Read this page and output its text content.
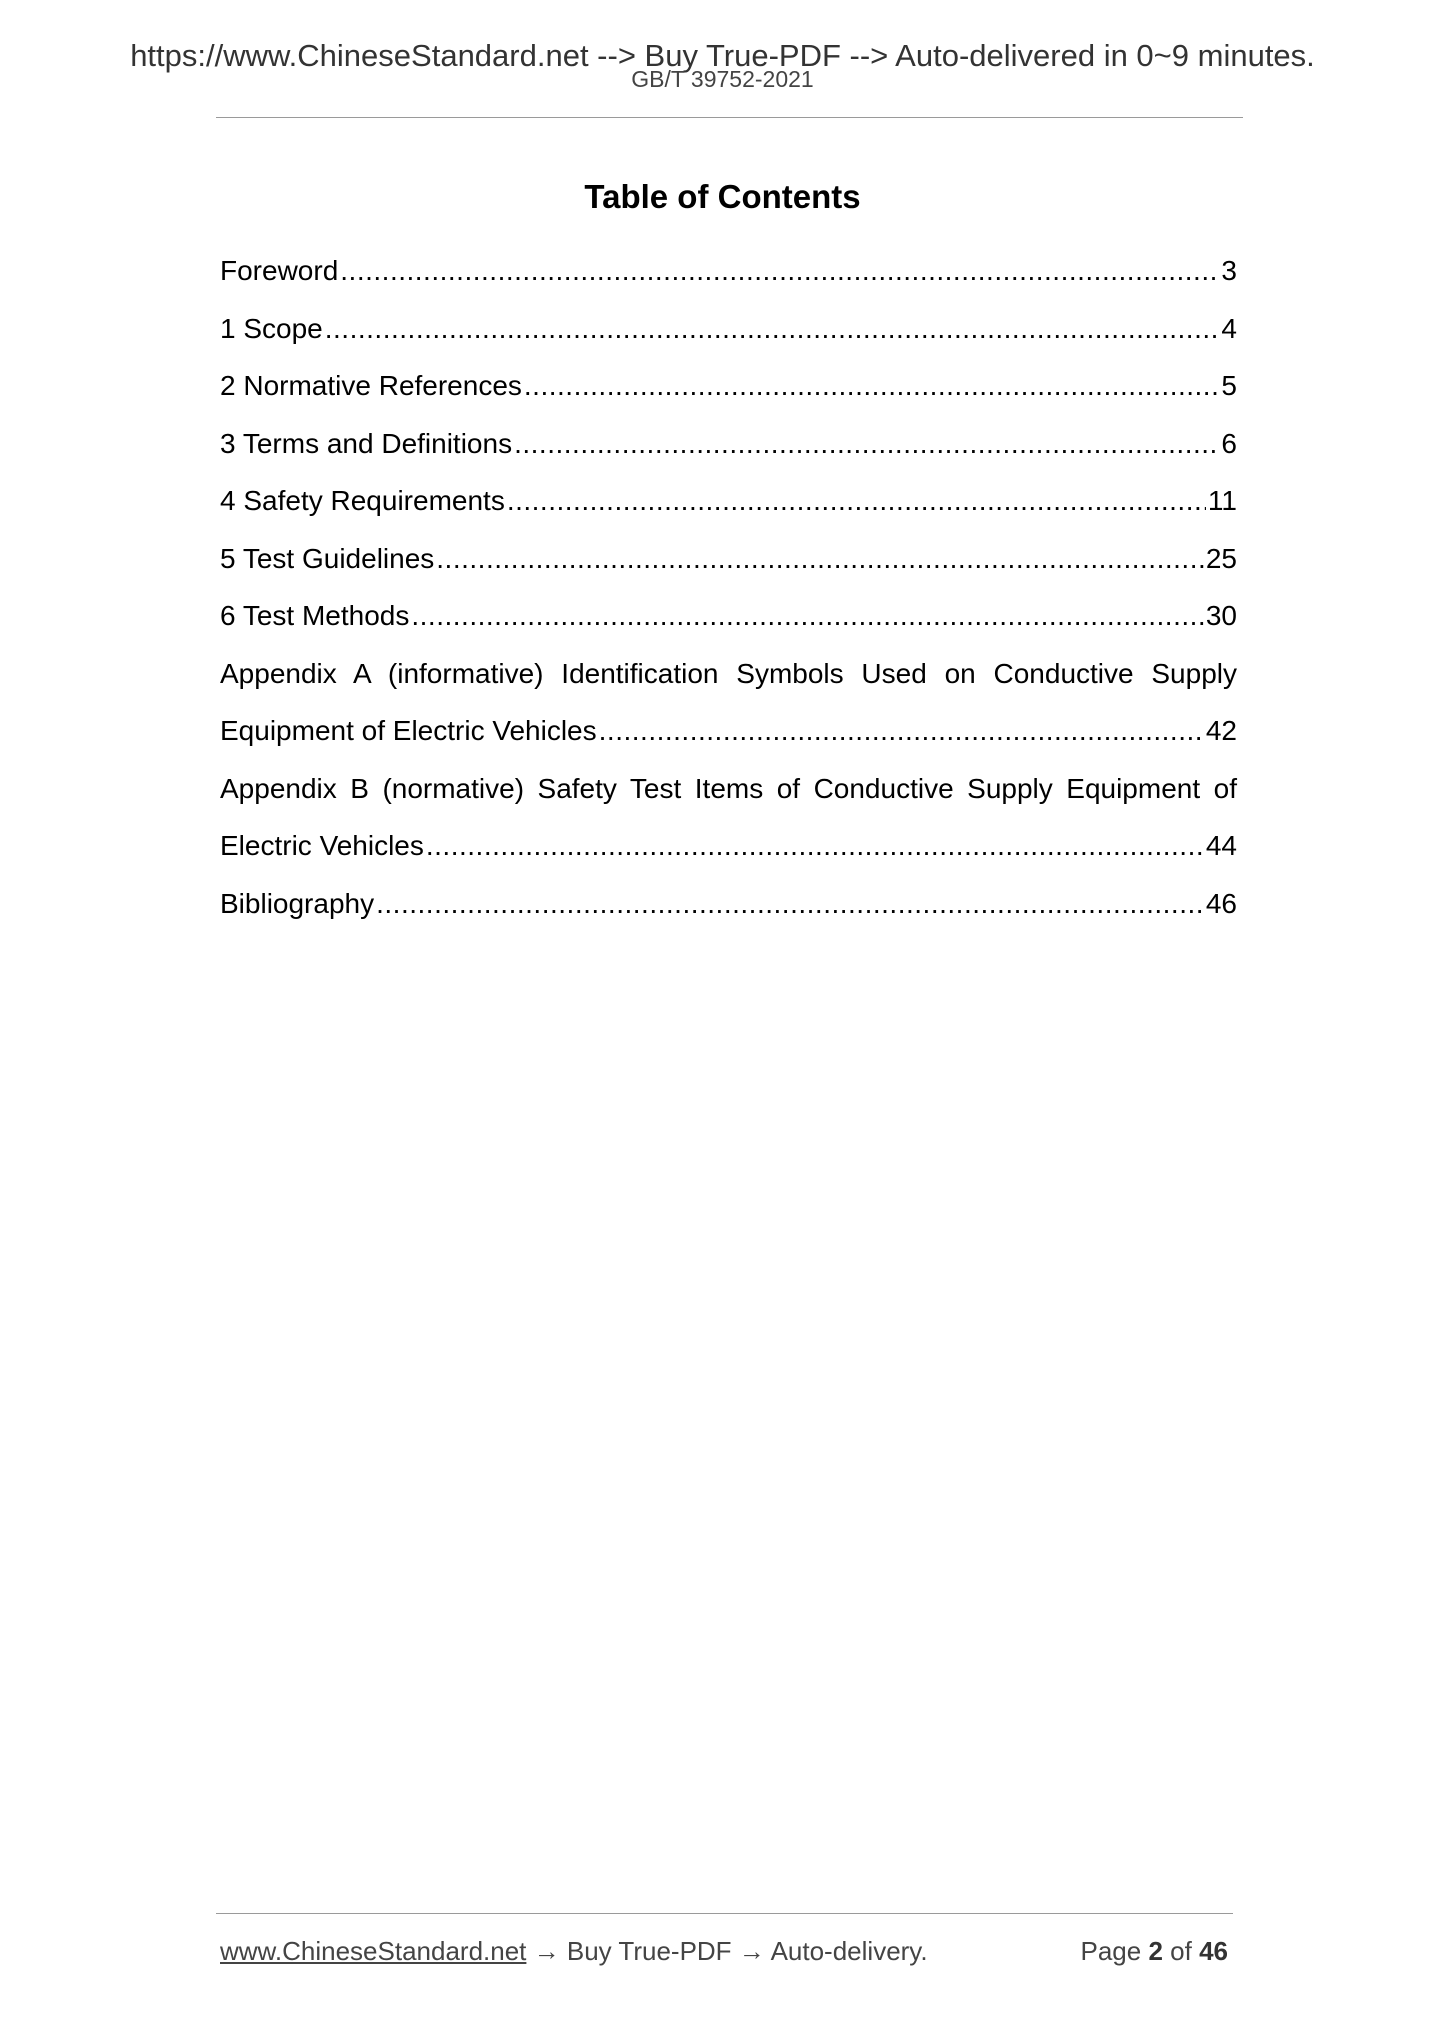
https://www.ChineseStandard.net --> Buy True-PDF --> Auto-delivered in 0~9 minutes.
GB/T 39752-2021
Table of Contents
Foreword .....	3
1 Scope .....	4
2 Normative References .....	5
3 Terms and Definitions .....	6
4 Safety Requirements .....	11
5 Test Guidelines .....	25
6 Test Methods .....	30
Appendix A (informative) Identification Symbols Used on Conductive Supply
Equipment of Electric Vehicles .....	42
Appendix B (normative) Safety Test Items of Conductive Supply Equipment of
Electric Vehicles .....	44
Bibliography .....	46
www.ChineseStandard.net → Buy True-PDF → Auto-delivery.	Page 2 of 46
